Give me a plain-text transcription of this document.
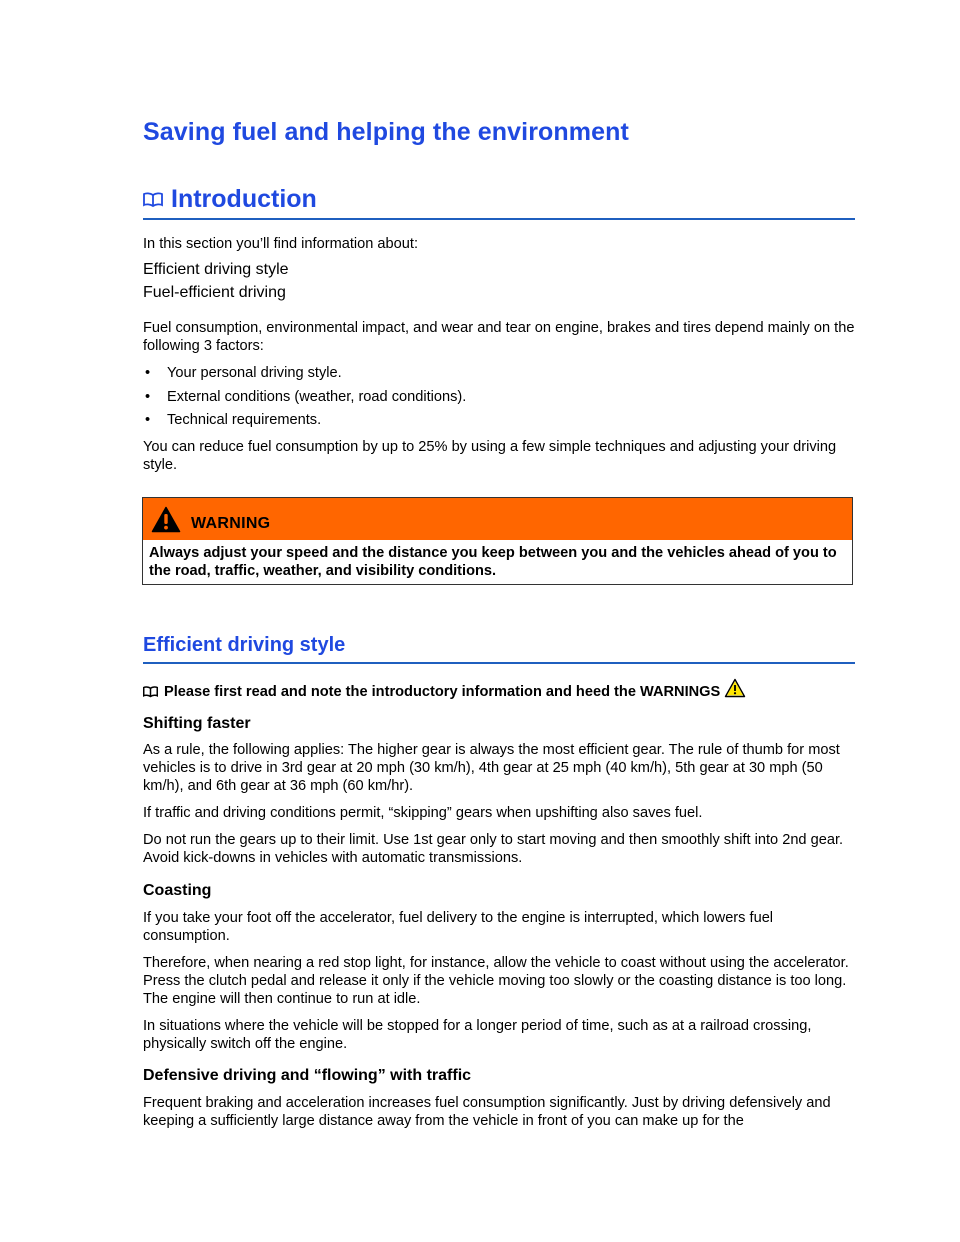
Saving fuel and helping the environment
Introduction

In this section you’ll find information about:

Efficient driving style

Fuel-efficient driving

Fuel consumption, environmental impact, and wear and tear on engine, brakes and tires depend mainly on the following 3 factors:

• Your personal driving style.
• External conditions (weather, road conditions).
• Technical requirements.

You can reduce fuel consumption by up to 25% by using a few simple techniques and adjusting your driving style.

WARNING

Always adjust your speed and the distance you keep between you and the vehicles ahead of you to the road, traffic, weather, and visibility conditions.

Efficient driving style
Please first read and note the introductory information and heed the WARNINGS
Shifting faster

As a rule, the following applies: The higher gear is always the most efficient gear. The rule of thumb for most vehicles is to drive in 3rd gear at 20 mph (30 km/h), 4th gear at 25 mph (40 km/h), 5th gear at 30 mph (50 km/h), and 6th gear at 36 mph (60 km/hr).

If traffic and driving conditions permit, “skipping” gears when upshifting also saves fuel.

Do not run the gears up to their limit. Use 1st gear only to start moving and then smoothly shift into 2nd gear. Avoid kick-downs in vehicles with automatic transmissions.

Coasting

If you take your foot off the accelerator, fuel delivery to the engine is interrupted, which lowers fuel consumption.

Therefore, when nearing a red stop light, for instance, allow the vehicle to coast without using the accelerator. Press the clutch pedal and release it only if the vehicle moving too slowly or the coasting distance is too long. The engine will then continue to run at idle.

In situations where the vehicle will be stopped for a longer period of time, such as at a railroad crossing, physically switch off the engine.

Defensive driving and “flowing” with traffic

Frequent braking and acceleration increases fuel consumption significantly. Just by driving defensively and keeping a sufficiently large distance away from the vehicle in front of you can make up for the
